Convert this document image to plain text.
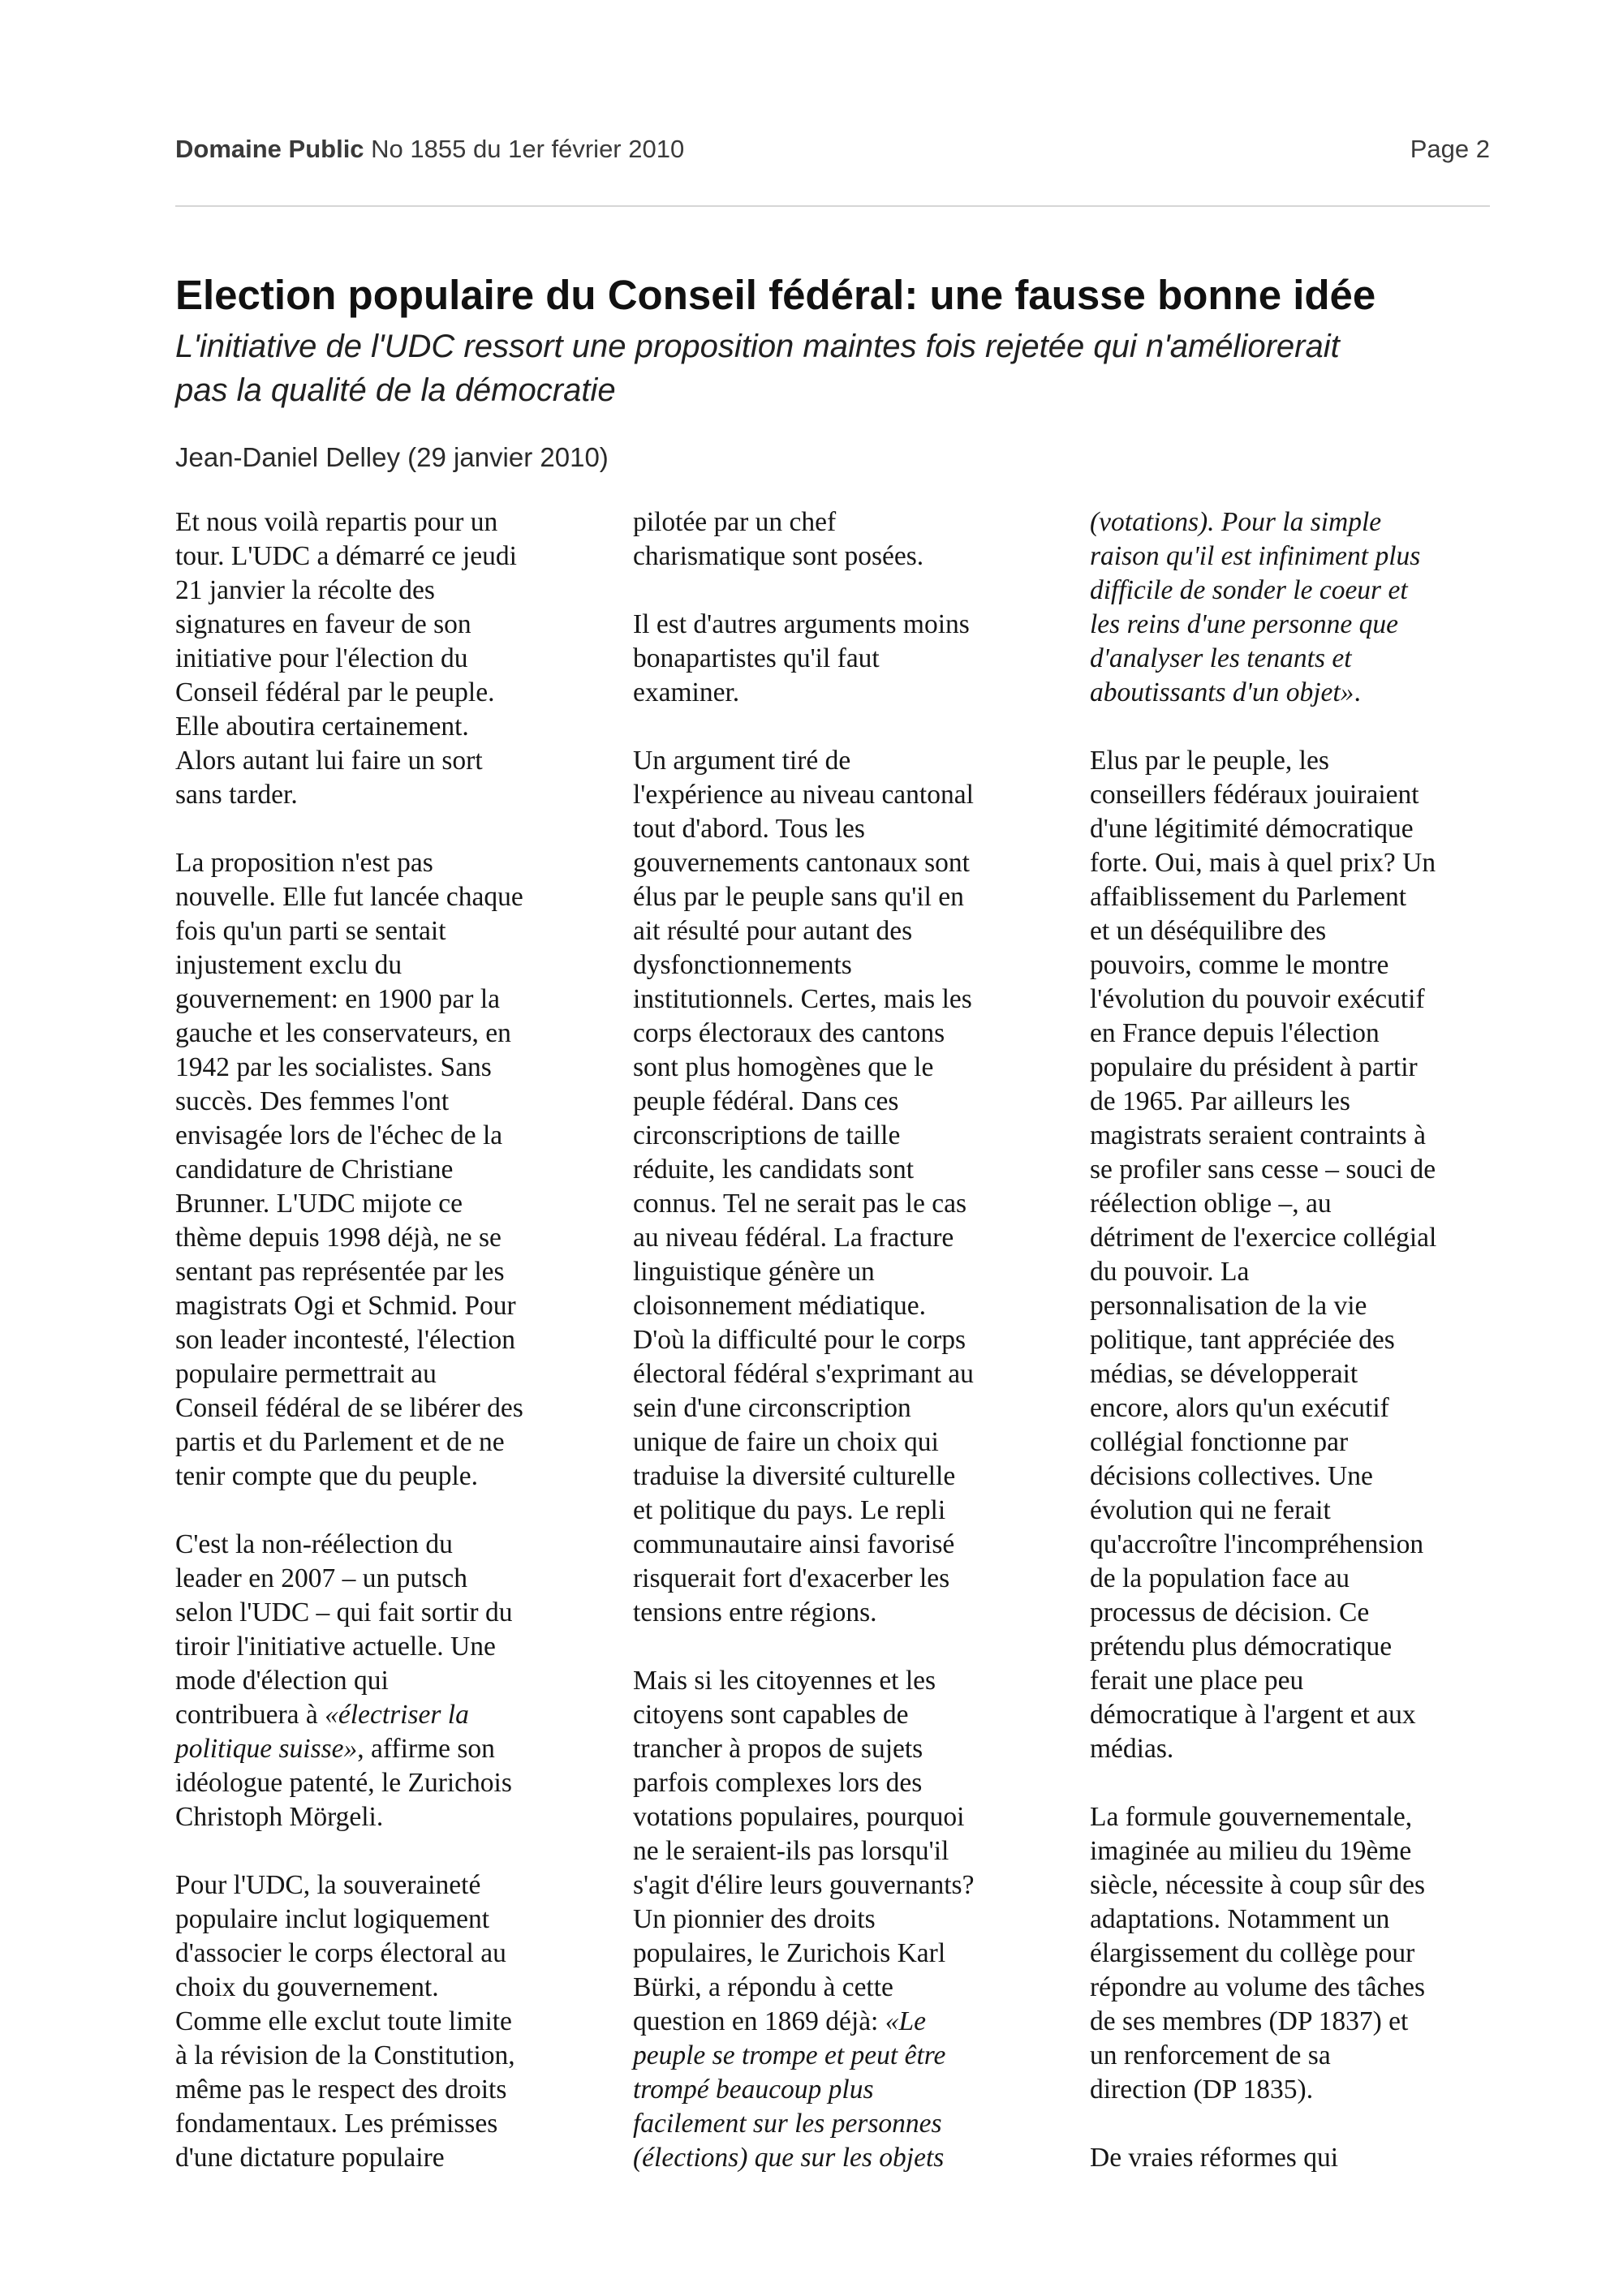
Domaine Public No 1855 du 1er février 2010	Page 2
Election populaire du Conseil fédéral: une fausse bonne idée

L'initiative de l'UDC ressort une proposition maintes fois rejetée qui n'améliorerait pas la qualité de la démocratie

Jean-Daniel Delley (29 janvier 2010)

Et nous voilà repartis pour un
tour. L'UDC a démarré ce jeudi
21 janvier la récolte des
signatures en faveur de son
initiative pour l'élection du
Conseil fédéral par le peuple.
Elle aboutira certainement.
Alors autant lui faire un sort
sans tarder.

La proposition n'est pas
nouvelle. Elle fut lancée chaque
fois qu'un parti se sentait
injustement exclu du
gouvernement: en 1900 par la
gauche et les conservateurs, en
1942 par les socialistes. Sans
succès. Des femmes l'ont
envisagée lors de l'échec de la
candidature de Christiane
Brunner. L'UDC mijote ce
thème depuis 1998 déjà, ne se
sentant pas représentée par les
magistrats Ogi et Schmid. Pour
son leader incontesté, l'élection
populaire permettrait au
Conseil fédéral de se libérer des
partis et du Parlement et de ne
tenir compte que du peuple.

C'est la non-réélection du
leader en 2007 – un putsch
selon l'UDC – qui fait sortir du
tiroir l'initiative actuelle. Une
mode d'élection qui
contribuera à «électriser la
politique suisse», affirme son
idéologue patenté, le Zurichois
Christoph Mörgeli.

Pour l'UDC, la souveraineté
populaire inclut logiquement
d'associer le corps électoral au
choix du gouvernement.
Comme elle exclut toute limite
à la révision de la Constitution,
même pas le respect des droits
fondamentaux. Les prémisses
d'une dictature populaire

pilotée par un chef
charismatique sont posées.

Il est d'autres arguments moins
bonapartistes qu'il faut
examiner.

Un argument tiré de
l'expérience au niveau cantonal
tout d'abord. Tous les
gouvernements cantonaux sont
élus par le peuple sans qu'il en
ait résulté pour autant des
dysfonctionnements
institutionnels. Certes, mais les
corps électoraux des cantons
sont plus homogènes que le
peuple fédéral. Dans ces
circonscriptions de taille
réduite, les candidats sont
connus. Tel ne serait pas le cas
au niveau fédéral. La fracture
linguistique génère un
cloisonnement médiatique.
D'où la difficulté pour le corps
électoral fédéral s'exprimant au
sein d'une circonscription
unique de faire un choix qui
traduise la diversité culturelle
et politique du pays. Le repli
communautaire ainsi favorisé
risquerait fort d'exacerber les
tensions entre régions.

Mais si les citoyennes et les
citoyens sont capables de
trancher à propos de sujets
parfois complexes lors des
votations populaires, pourquoi
ne le seraient-ils pas lorsqu'il
s'agit d'élire leurs gouvernants?
Un pionnier des droits
populaires, le Zurichois Karl
Bürki, a répondu à cette
question en 1869 déjà: «Le
peuple se trompe et peut être
trompé beaucoup plus
facilement sur les personnes
(élections) que sur les objets

(votations). Pour la simple
raison qu'il est infiniment plus
difficile de sonder le coeur et
les reins d'une personne que
d'analyser les tenants et
aboutissants d'un objet».

Elus par le peuple, les
conseillers fédéraux jouiraient
d'une légitimité démocratique
forte. Oui, mais à quel prix? Un
affaiblissement du Parlement
et un déséquilibre des
pouvoirs, comme le montre
l'évolution du pouvoir exécutif
en France depuis l'élection
populaire du président à partir
de 1965. Par ailleurs les
magistrats seraient contraints à
se profiler sans cesse – souci de
réélection oblige –, au
détriment de l'exercice collégial
du pouvoir. La
personnalisation de la vie
politique, tant appréciée des
médias, se développerait
encore, alors qu'un exécutif
collégial fonctionne par
décisions collectives. Une
évolution qui ne ferait
qu'accroître l'incompréhension
de la population face au
processus de décision. Ce
prétendu plus démocratique
ferait une place peu
démocratique à l'argent et aux
médias.

La formule gouvernementale,
imaginée au milieu du 19ème
siècle, nécessite à coup sûr des
adaptations. Notamment un
élargissement du collège pour
répondre au volume des tâches
de ses membres (DP 1837) et
un renforcement de sa
direction (DP 1835).

De vraies réformes qui
